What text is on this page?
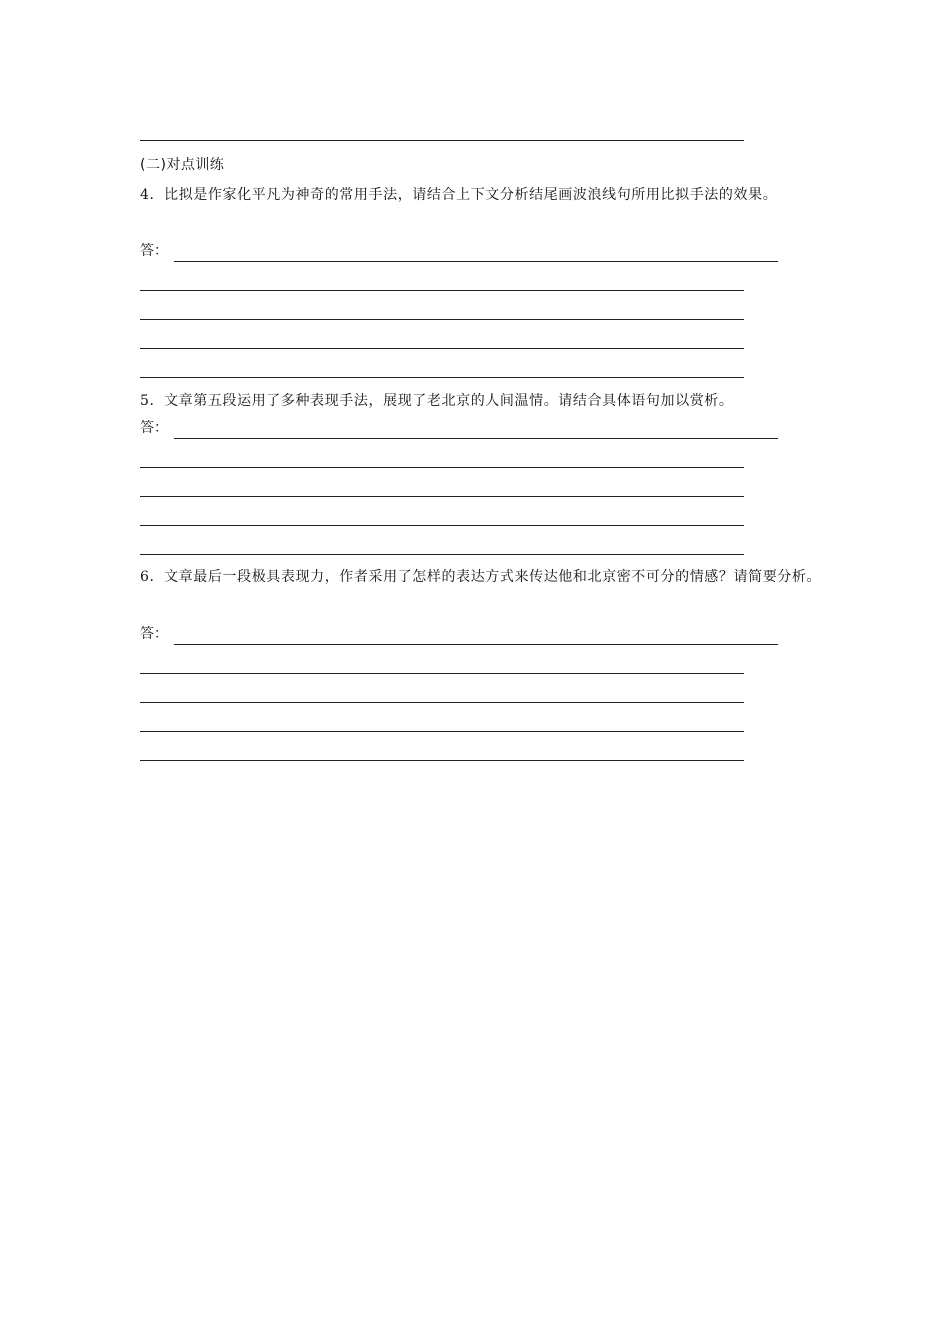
(二)对点训练
4．比拟是作家化平凡为神奇的常用手法，请结合上下文分析结尾画波浪线句所用比拟手法的效果。
答：
5．文章第五段运用了多种表现手法，展现了老北京的人间温情。请结合具体语句加以赏析。
答：
6．文章最后一段极具表现力，作者采用了怎样的表达方式来传达他和北京密不可分的情感？请简要分析。
答：
